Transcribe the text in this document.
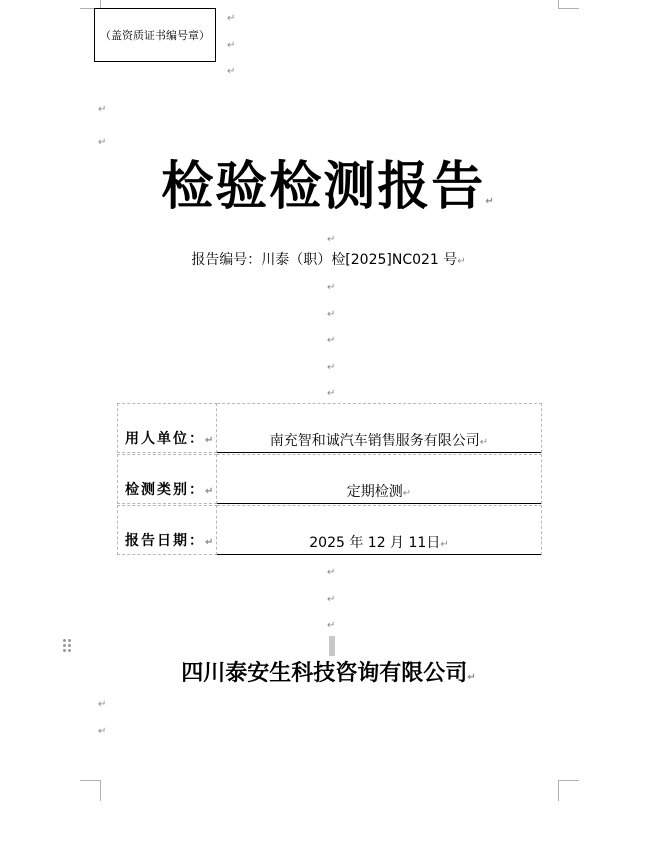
（盖资质证书编号章）
↵
↵
↵
↵
↵
检验检测报告↵
↵
报告编号：川泰（职）检[2025]NC021 号↵
↵
↵
↵
↵
↵
用人单位：↵	南充智和诚汽车销售服务有限公司↵
检测类别：↵	定期检测↵
报告日期：↵	2025 年 12 月 11日↵
↵
↵
↵
四川泰安生科技咨询有限公司↵
↵
↵
